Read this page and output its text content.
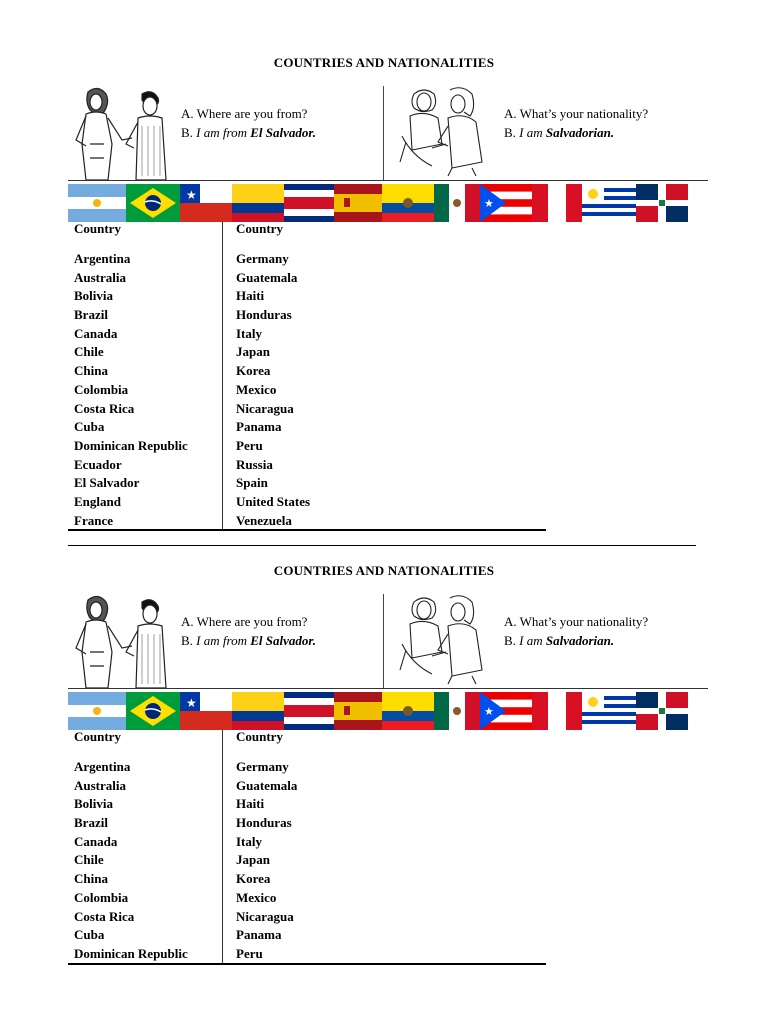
COUNTRIES AND NATIONALITIES
A. Where are you from?
B. I am from El Salvador.
A. What’s your nationality?
B. I am Salvadorian.
★
★
Country	Country
Argentina
Australia
Bolivia
Brazil
Canada
Chile
China
Colombia
Costa Rica
Cuba
Dominican Republic
Ecuador
El Salvador
England
France
Germany
Guatemala
Haiti
Honduras
Italy
Japan
Korea
Mexico
Nicaragua
Panama
Peru
Russia
Spain
United States
Venezuela
COUNTRIES AND NATIONALITIES
A. Where are you from?
B. I am from El Salvador.
A. What’s your nationality?
B. I am Salvadorian.
★
★
Country	Country
Argentina
Australia
Bolivia
Brazil
Canada
Chile
China
Colombia
Costa Rica
Cuba
Dominican Republic
Germany
Guatemala
Haiti
Honduras
Italy
Japan
Korea
Mexico
Nicaragua
Panama
Peru
